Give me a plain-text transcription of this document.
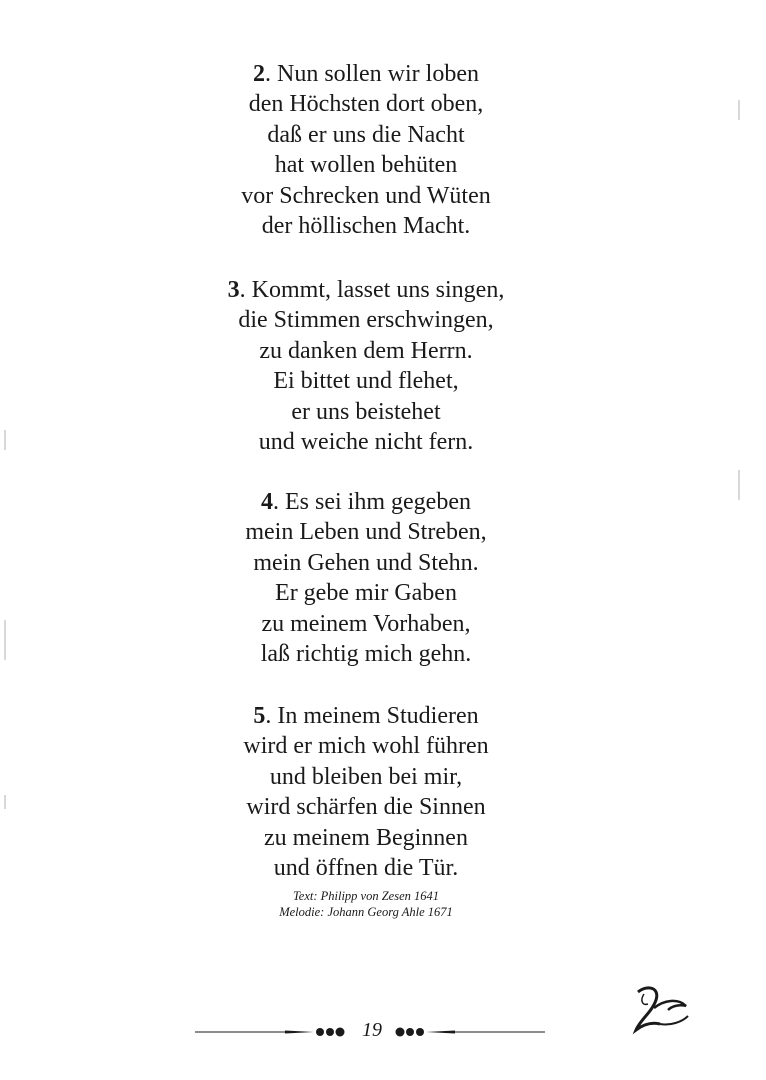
2. Nun sollen wir loben
den Höchsten dort oben,
daß er uns die Nacht
hat wollen behüten
vor Schrecken und Wüten
der höllischen Macht.
3. Kommt, lasset uns singen,
die Stimmen erschwingen,
zu danken dem Herrn.
Ei bittet und flehet,
er uns beistehet
und weiche nicht fern.
4. Es sei ihm gegeben
mein Leben und Streben,
mein Gehen und Stehn.
Er gebe mir Gaben
zu meinem Vorhaben,
laß richtig mich gehn.
5. In meinem Studieren
wird er mich wohl führen
und bleiben bei mir,
wird schärfen die Sinnen
zu meinem Beginnen
und öffnen die Tür.
Text: Philipp von Zesen 1641
Melodie: Johann Georg Ahle 1671
19
